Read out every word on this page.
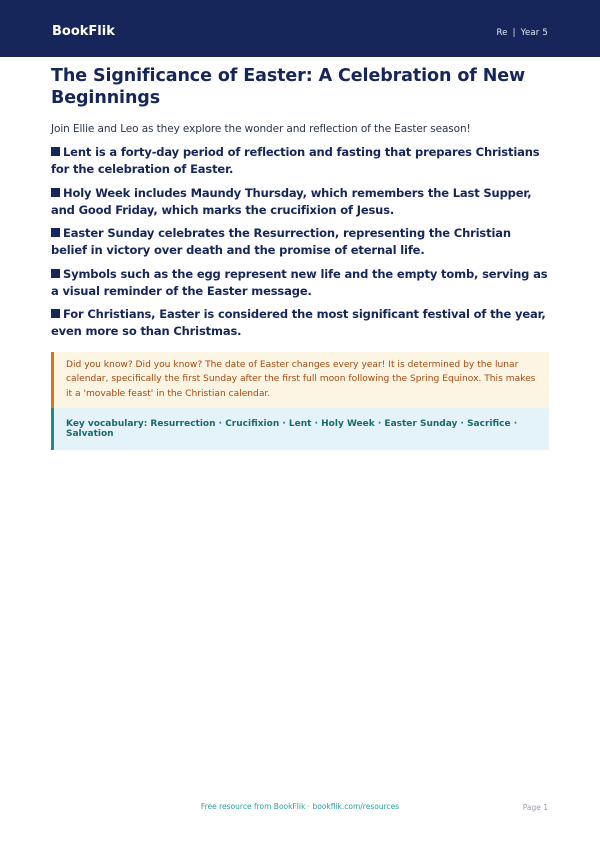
BookFlik	Re | Year 5
The Significance of Easter: A Celebration of New Beginnings

Join Ellie and Leo as they explore the wonder and reflection of the Easter season!

Lent is a forty-day period of reflection and fasting that prepares Christians for the celebration of Easter.
Holy Week includes Maundy Thursday, which remembers the Last Supper, and Good Friday, which marks the crucifixion of Jesus.
Easter Sunday celebrates the Resurrection, representing the Christian belief in victory over death and the promise of eternal life.
Symbols such as the egg represent new life and the empty tomb, serving as a visual reminder of the Easter message.
For Christians, Easter is considered the most significant festival of the year, even more so than Christmas.
Did you know? Did you know? The date of Easter changes every year! It is determined by the lunar calendar, specifically the first Sunday after the first full moon following the Spring Equinox. This makes it a 'movable feast' in the Christian calendar.
Key vocabulary: Resurrection · Crucifixion · Lent · Holy Week · Easter Sunday · Sacrifice · Salvation
Free resource from BookFlik · bookflik.com/resources	Page 1
